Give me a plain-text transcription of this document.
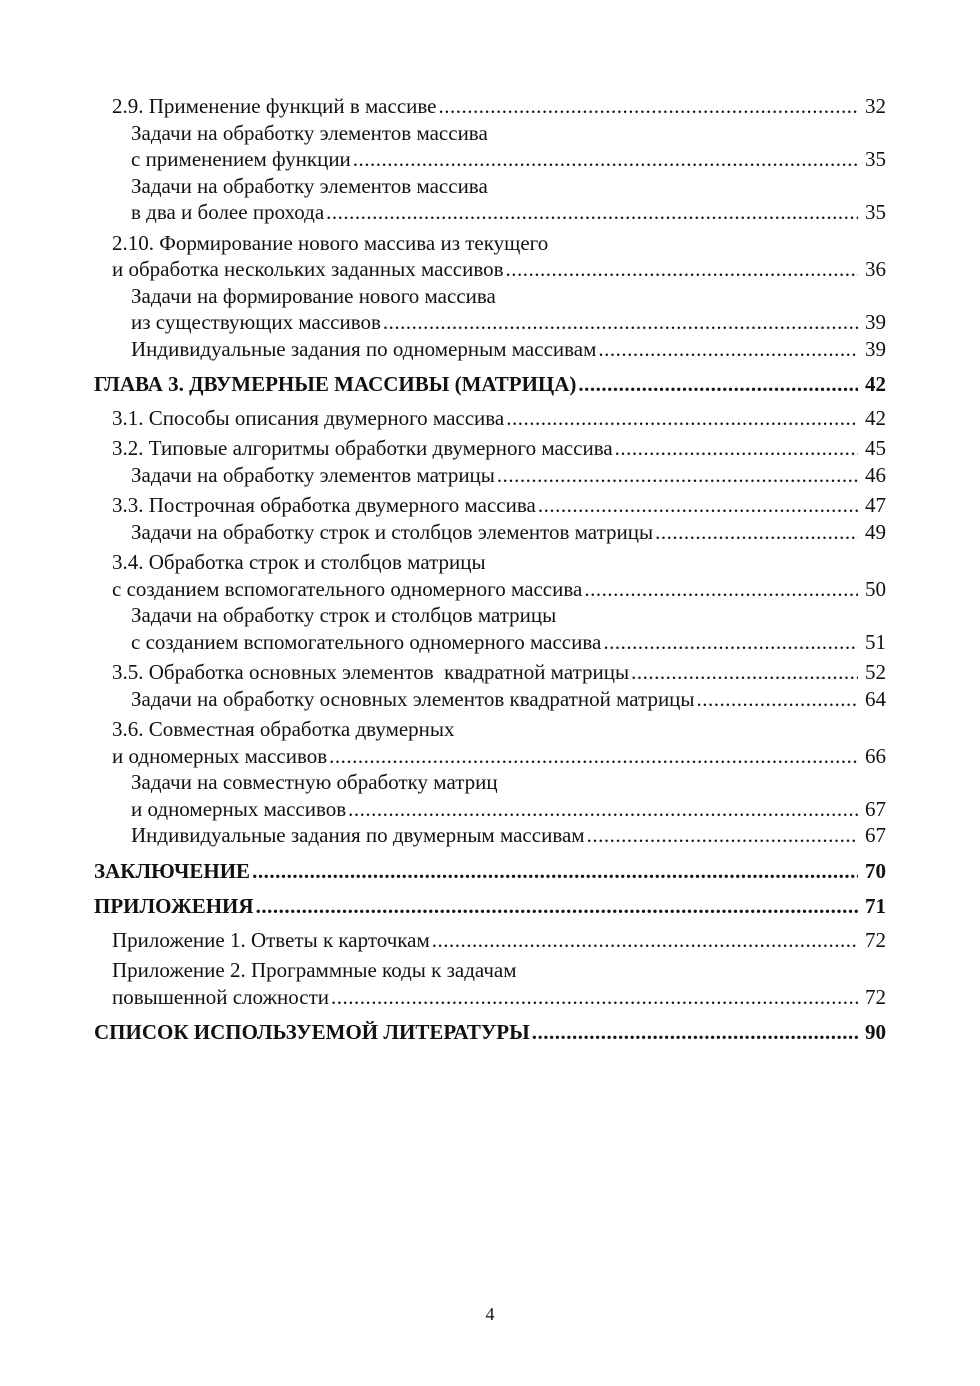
2.9. Применение функций в массиве .....	32
Задачи на обработку элементов массива
с применением функции .....	35
Задачи на обработку элементов массива
в два и более прохода .....	35
2.10. Формирование нового массива из текущего
и обработка нескольких заданных массивов .....	36
Задачи на формирование нового массива
из существующих массивов .....	39
Индивидуальные задания по одномерным массивам .....	39
ГЛАВА 3. ДВУМЕРНЫЕ МАССИВЫ (МАТРИЦА) .....	42
3.1. Способы описания двумерного массива .....	42
3.2. Типовые алгоритмы обработки двумерного массива .....	45
Задачи на обработку элементов матрицы .....	46
3.3. Построчная обработка двумерного массива .....	47
Задачи на обработку строк и столбцов элементов матрицы .....	49
3.4. Обработка строк и столбцов матрицы
с созданием вспомогательного одномерного массива .....	50
Задачи на обработку строк и столбцов матрицы
с созданием вспомогательного одномерного массива .....	51
3.5. Обработка основных элементов  квадратной матрицы .....	52
Задачи на обработку основных элементов квадратной матрицы .....	64
3.6. Совместная обработка двумерных
и одномерных массивов .....	66
Задачи на совместную обработку матриц
и одномерных массивов .....	67
Индивидуальные задания по двумерным массивам .....	67
ЗАКЛЮЧЕНИЕ .....	70
ПРИЛОЖЕНИЯ .....	71
Приложение 1. Ответы к карточкам .....	72
Приложение 2. Программные коды к задачам
повышенной сложности .....	72
СПИСОК ИСПОЛЬЗУЕМОЙ ЛИТЕРАТУРЫ .....	90
4
